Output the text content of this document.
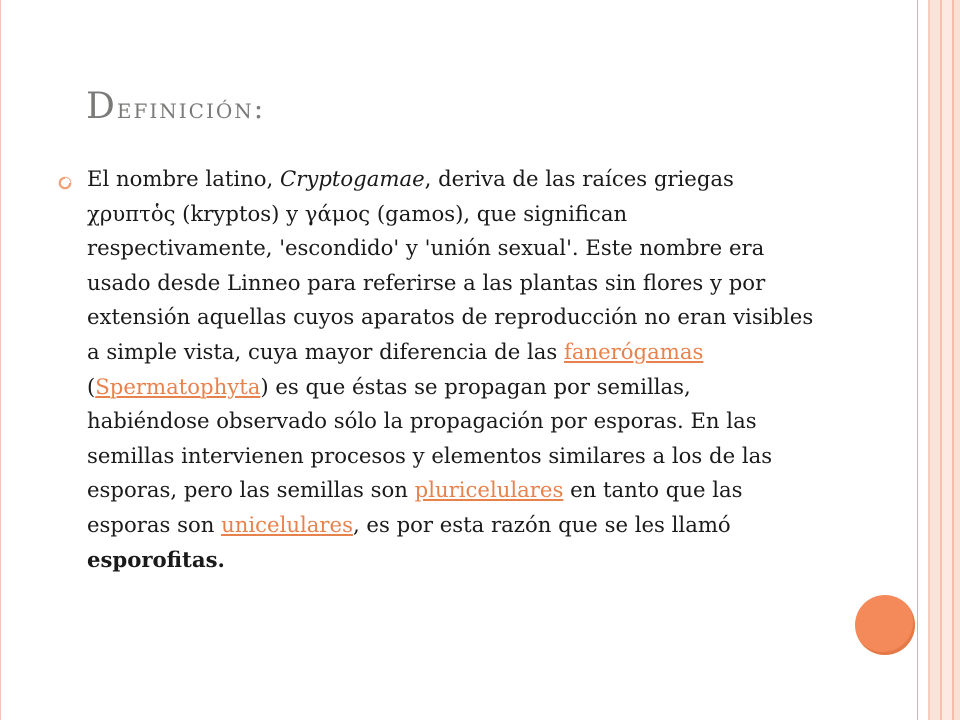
Definición:

El nombre latino, Cryptogamae, deriva de las raíces griegas χρυπτὁς (kryptos) y γάμος (gamos), que significan respectivamente, 'escondido' y 'unión sexual'. Este nombre era usado desde Linneo para referirse a las plantas sin flores y por extensión aquellas cuyos aparatos de reproducción no eran visibles a simple vista, cuya mayor diferencia de las fanerógamas (Spermatophyta) es que éstas se propagan por semillas, habiéndose observado sólo la propagación por esporas. En las semillas intervienen procesos y elementos similares a los de las esporas, pero las semillas son pluricelulares en tanto que las esporas son unicelulares, es por esta razón que se les llamó esporofitas.
